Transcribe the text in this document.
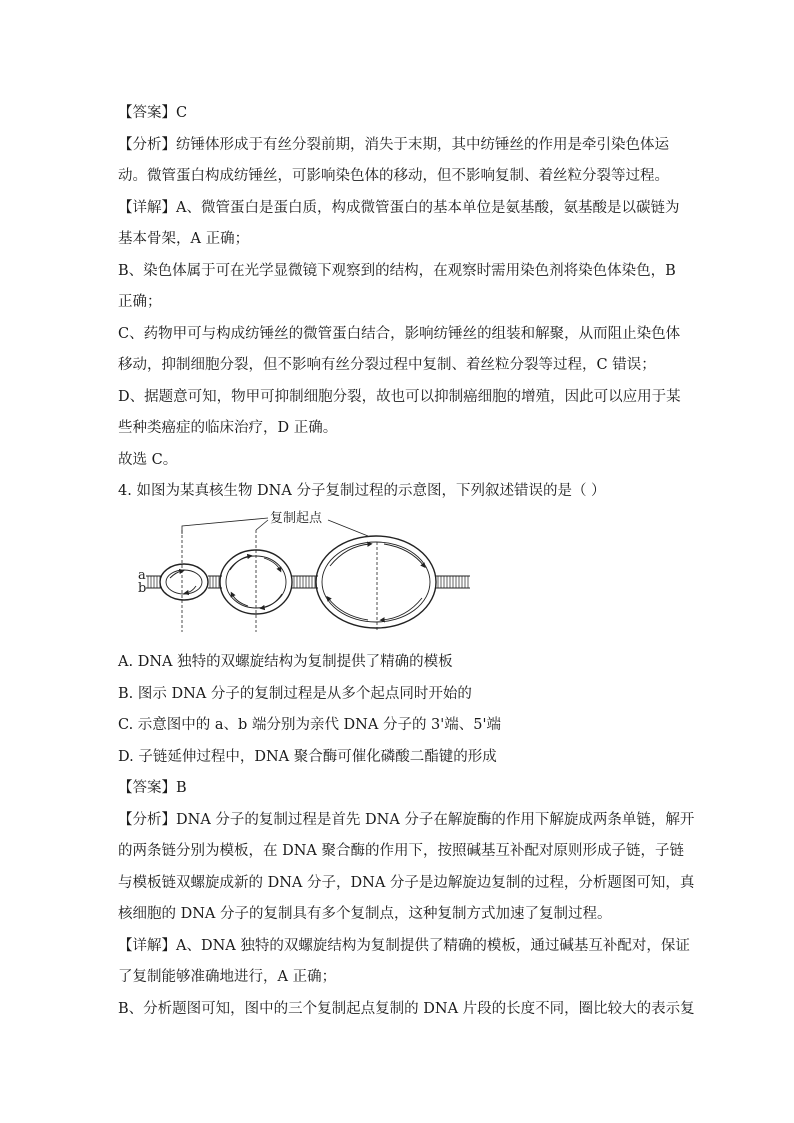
【答案】C
【分析】纺锤体形成于有丝分裂前期，消失于末期，其中纺锤丝的作用是牵引染色体运
动。微管蛋白构成纺锤丝，可影响染色体的移动，但不影响复制、着丝粒分裂等过程。
【详解】A、微管蛋白是蛋白质，构成微管蛋白的基本单位是氨基酸，氨基酸是以碳链为
基本骨架，A 正确；
B、染色体属于可在光学显微镜下观察到的结构，在观察时需用染色剂将染色体染色，B
正确；
C、药物甲可与构成纺锤丝的微管蛋白结合，影响纺锤丝的组装和解聚，从而阻止染色体
移动，抑制细胞分裂，但不影响有丝分裂过程中复制、着丝粒分裂等过程，C 错误；
D、据题意可知，物甲可抑制细胞分裂，故也可以抑制癌细胞的增殖，因此可以应用于某
些种类癌症的临床治疗，D 正确。
故选 C。
4. 如图为某真核生物 DNA 分子复制过程的示意图，下列叙述错误的是（ ）
复制起点
a
b
A. DNA 独特的双螺旋结构为复制提供了精确的模板
B. 图示 DNA 分子的复制过程是从多个起点同时开始的
C. 示意图中的 a、b 端分别为亲代 DNA 分子的 3'端、5'端
D. 子链延伸过程中，DNA 聚合酶可催化磷酸二酯键的形成
【答案】B
【分析】DNA 分子的复制过程是首先 DNA 分子在解旋酶的作用下解旋成两条单链，解开
的两条链分别为模板，在 DNA 聚合酶的作用下，按照碱基互补配对原则形成子链，子链
与模板链双螺旋成新的 DNA 分子，DNA 分子是边解旋边复制的过程，分析题图可知，真
核细胞的 DNA 分子的复制具有多个复制点，这种复制方式加速了复制过程。
【详解】A、DNA 独特的双螺旋结构为复制提供了精确的模板，通过碱基互补配对，保证
了复制能够准确地进行，A 正确；
B、分析题图可知，图中的三个复制起点复制的 DNA 片段的长度不同，圈比较大的表示复
